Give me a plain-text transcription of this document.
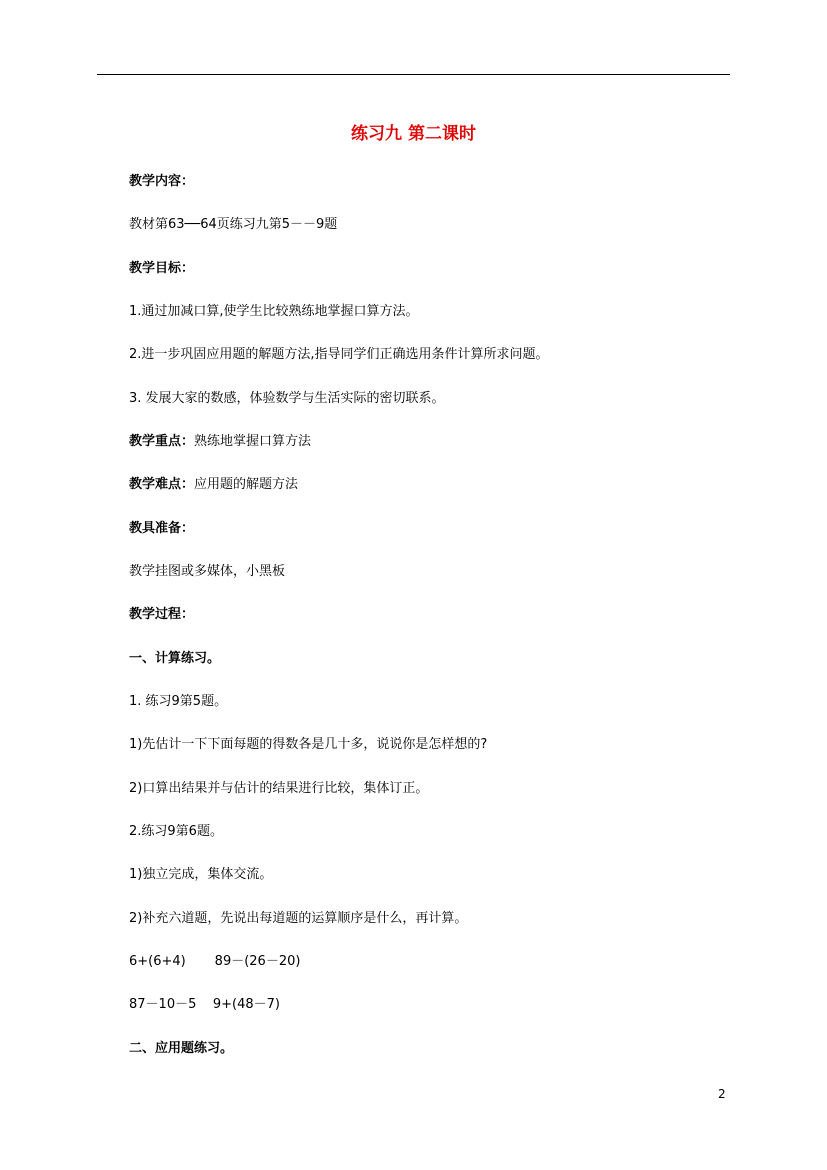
练习九 第二课时
教学内容：
教材第63──64页练习九第5－－9题
教学目标：
1.通过加减口算,使学生比较熟练地掌握口算方法。
2.进一步巩固应用题的解题方法,指导同学们正确选用条件计算所求问题。
3. 发展大家的数感，体验数学与生活实际的密切联系。
教学重点：熟练地掌握口算方法
教学难点：应用题的解题方法
教具准备：
教学挂图或多媒体，小黑板
教学过程：
一、计算练习。
1. 练习9第5题。
1)先估计一下下面每题的得数各是几十多，说说你是怎样想的?
2)口算出结果并与估计的结果进行比较，集体订正。
2.练习9第6题。
1)独立完成，集体交流。
2)补充六道题，先说出每道题的运算顺序是什么，再计算。
6+(6+4)       89－(26－20)
87－10－5    9+(48－7)
二、应用题练习。
2
